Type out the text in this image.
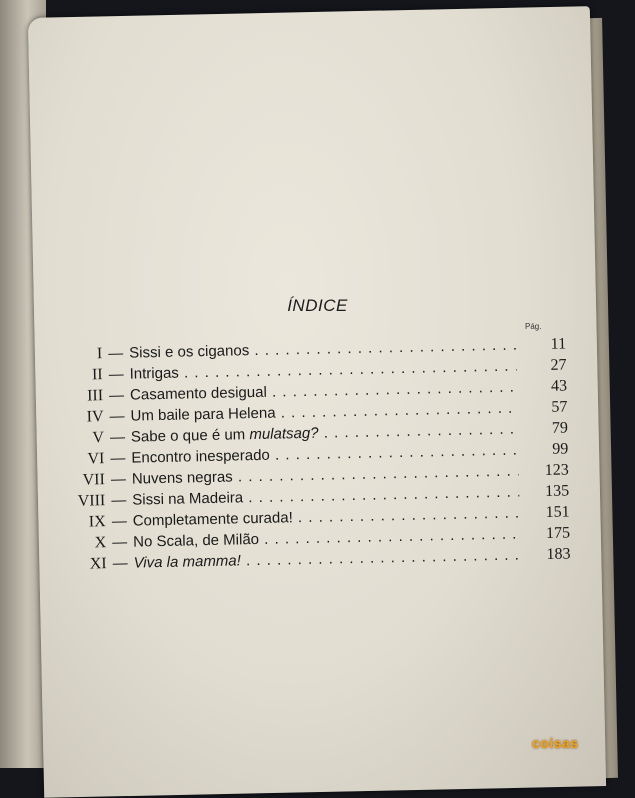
ÍNDICE
Pág.
I — Sissi e os ciganos . . .	11
II — Intrigas . . .	27
III — Casamento desigual . . .	43
IV — Um baile para Helena . . .	57
V — Sabe o que é um mulatsag? . . .	79
VI — Encontro inesperado . . .	99
VII — Nuvens negras . . .	123
VIII — Sissi na Madeira . . .	135
IX — Completamente curada! . . .	151
X — No Scala, de Milão . . .	175
XI — Viva la mamma! . . .	183
coisas
